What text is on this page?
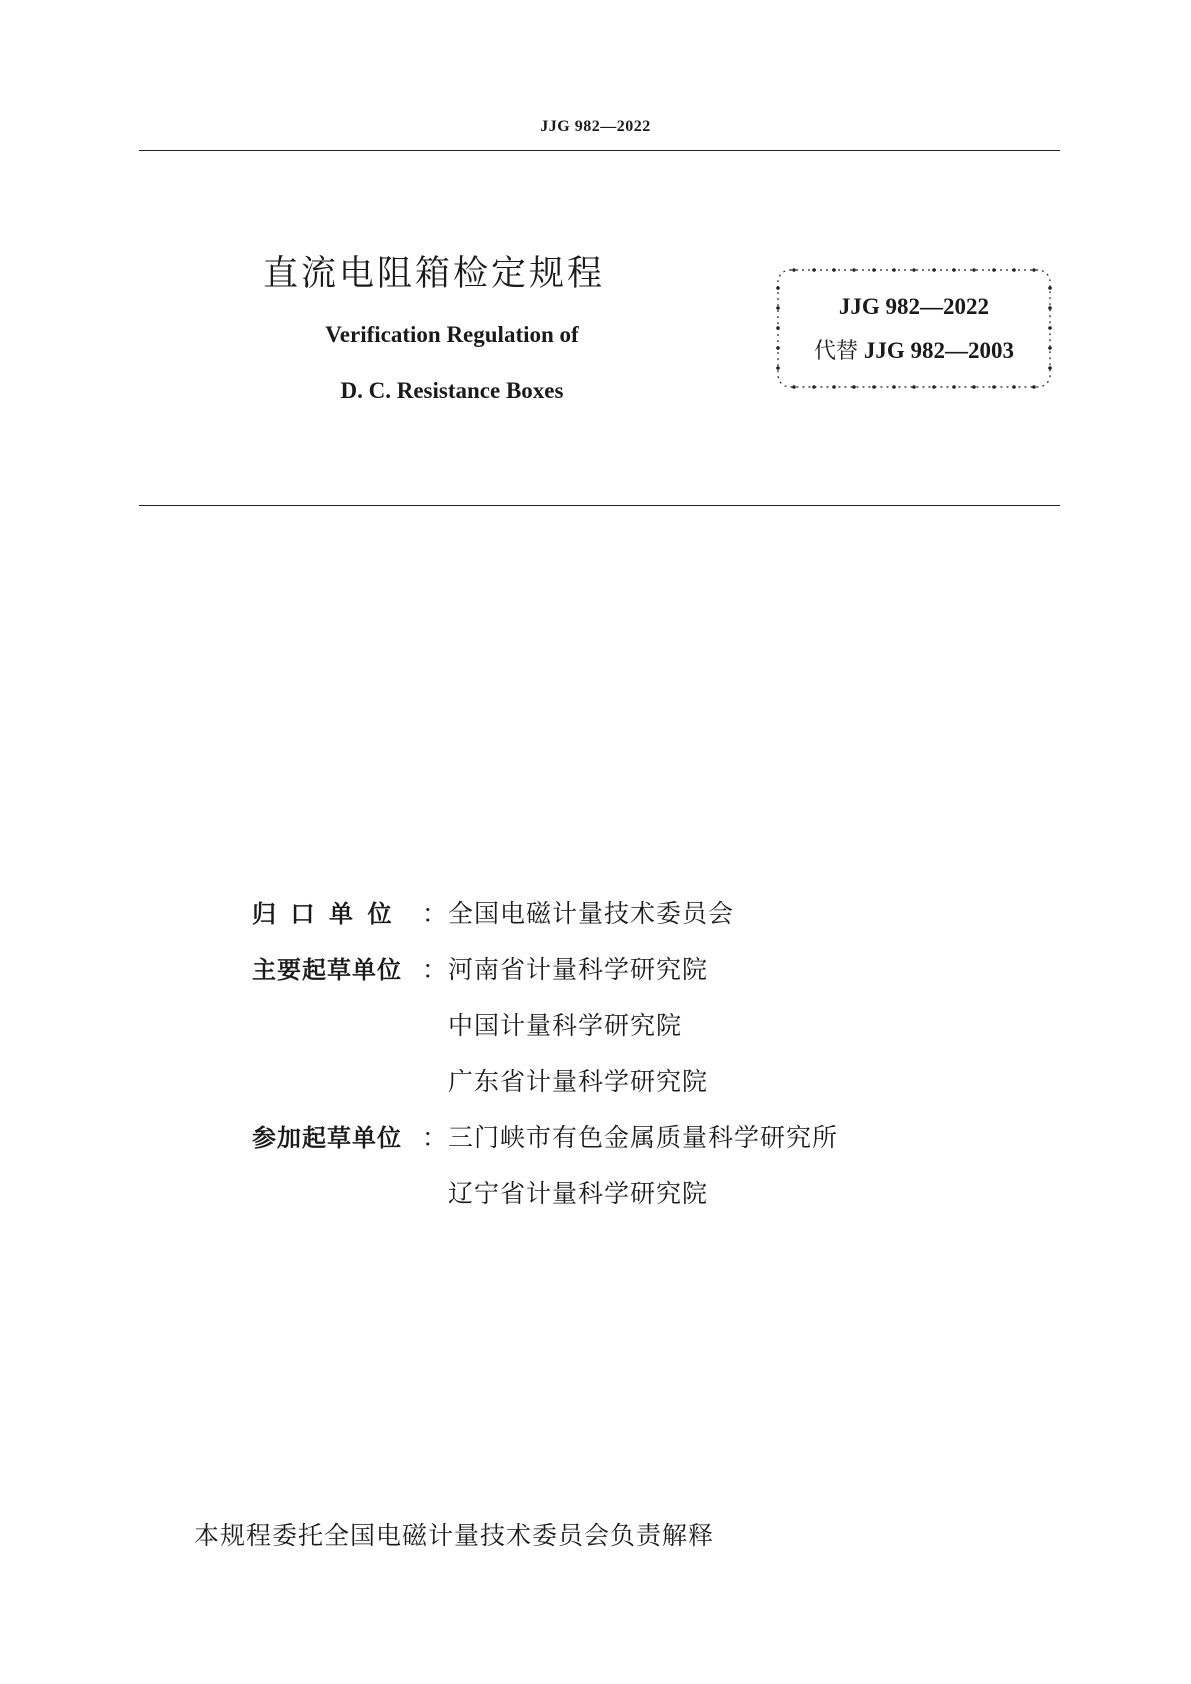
JJG 982—2022
直流电阻箱检定规程
Verification Regulation of
D. C. Resistance Boxes
JJG 982—2022
代替 JJG 982—2003
归口单位	： 全国电磁计量技术委员会
主要起草单位	： 河南省计量科学研究院
中国计量科学研究院
广东省计量科学研究院
参加起草单位	： 三门峡市有色金属质量科学研究所
辽宁省计量科学研究院
本规程委托全国电磁计量技术委员会负责解释
